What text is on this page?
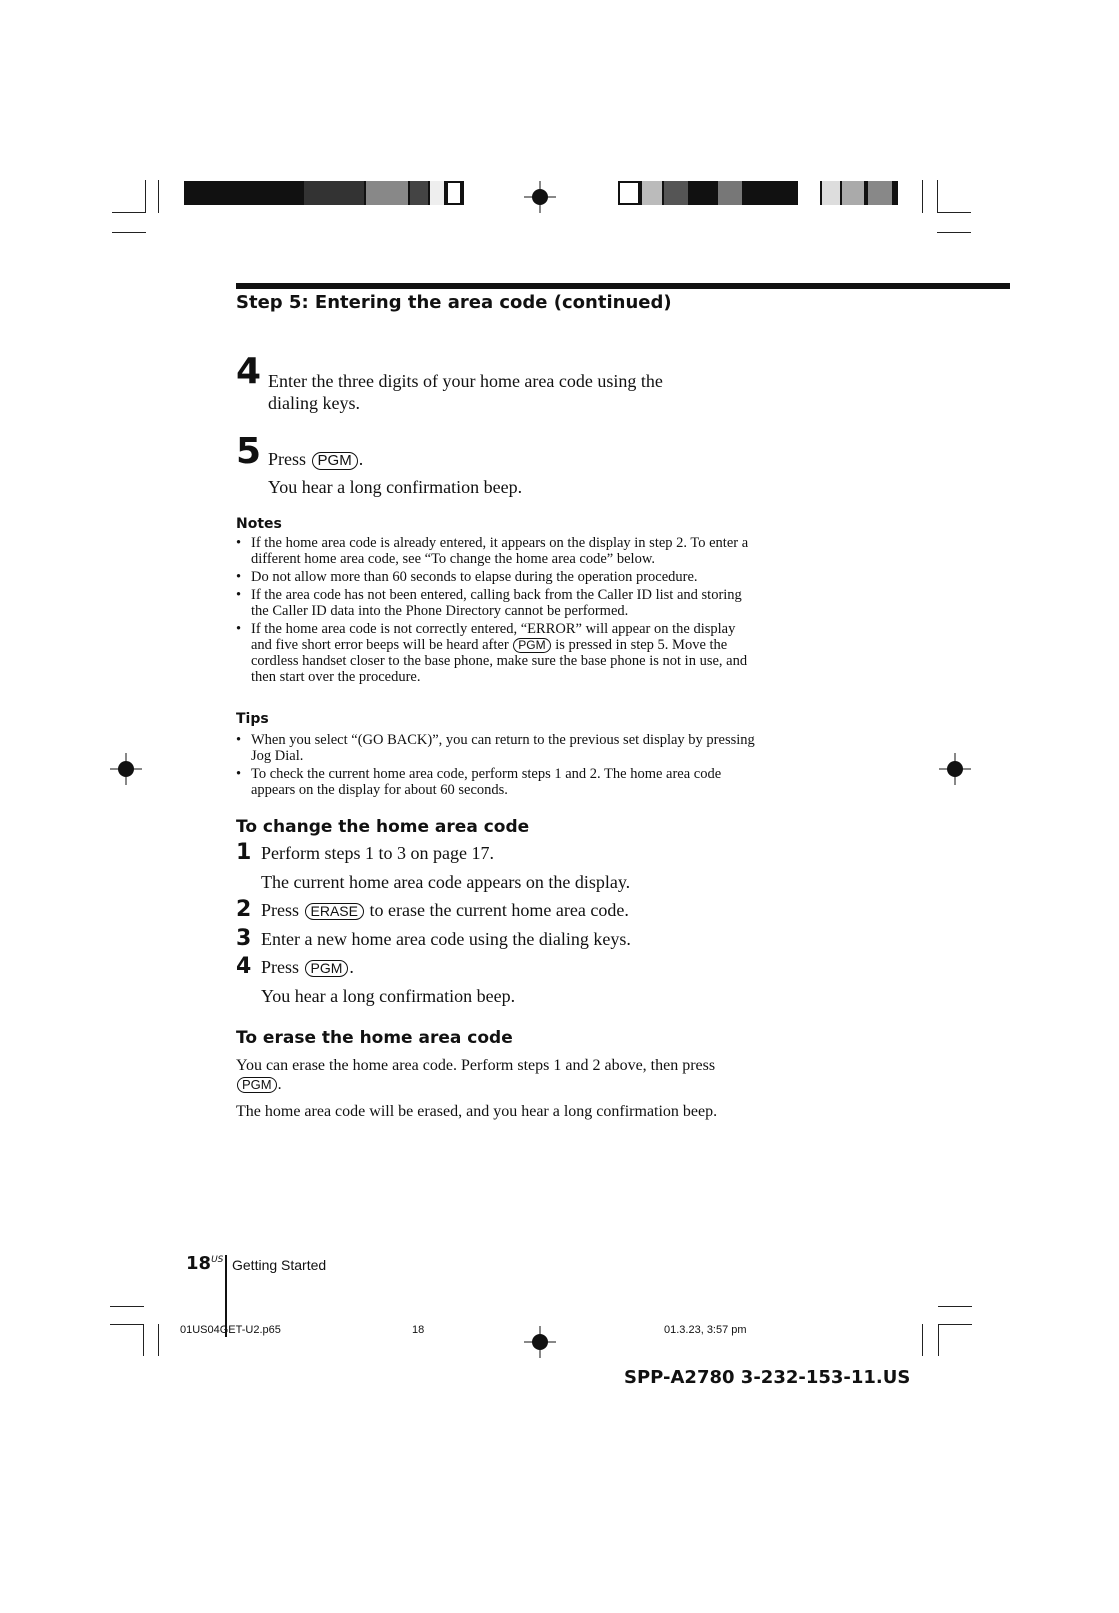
Step 5: Entering the area code (continued)
4 Enter the three digits of your home area code using the dialing keys.
5 Press PGM .
You hear a long confirmation beep.
Notes
• If the home area code is already entered, it appears on the display in step 2. To enter a different home area code, see “To change the home area code” below.
• Do not allow more than 60 seconds to elapse during the operation procedure.
• If the area code has not been entered, calling back from the Caller ID list and storing the Caller ID data into the Phone Directory cannot be performed.
• If the home area code is not correctly entered, “ERROR” will appear on the display and five short error beeps will be heard after PGM is pressed in step 5. Move the cordless handset closer to the base phone, make sure the base phone is not in use, and then start over the procedure.
Tips
• When you select “(GO BACK)”, you can return to the previous set display by pressing Jog Dial.
• To check the current home area code, perform steps 1 and 2. The home area code appears on the display for about 60 seconds.
To change the home area code
1 Perform steps 1 to 3 on page 17.
The current home area code appears on the display.
2 Press ERASE to erase the current home area code.
3 Enter a new home area code using the dialing keys.
4 Press PGM .
You hear a long confirmation beep.
To erase the home area code
You can erase the home area code. Perform steps 1 and 2 above, then press PGM .
The home area code will be erased, and you hear a long confirmation beep.
$18^{US}$ Getting Started
01US04GET-U2.p65	18	01.3.23, 3:57 pm
SPP-A2780 3-232-153-11.US
